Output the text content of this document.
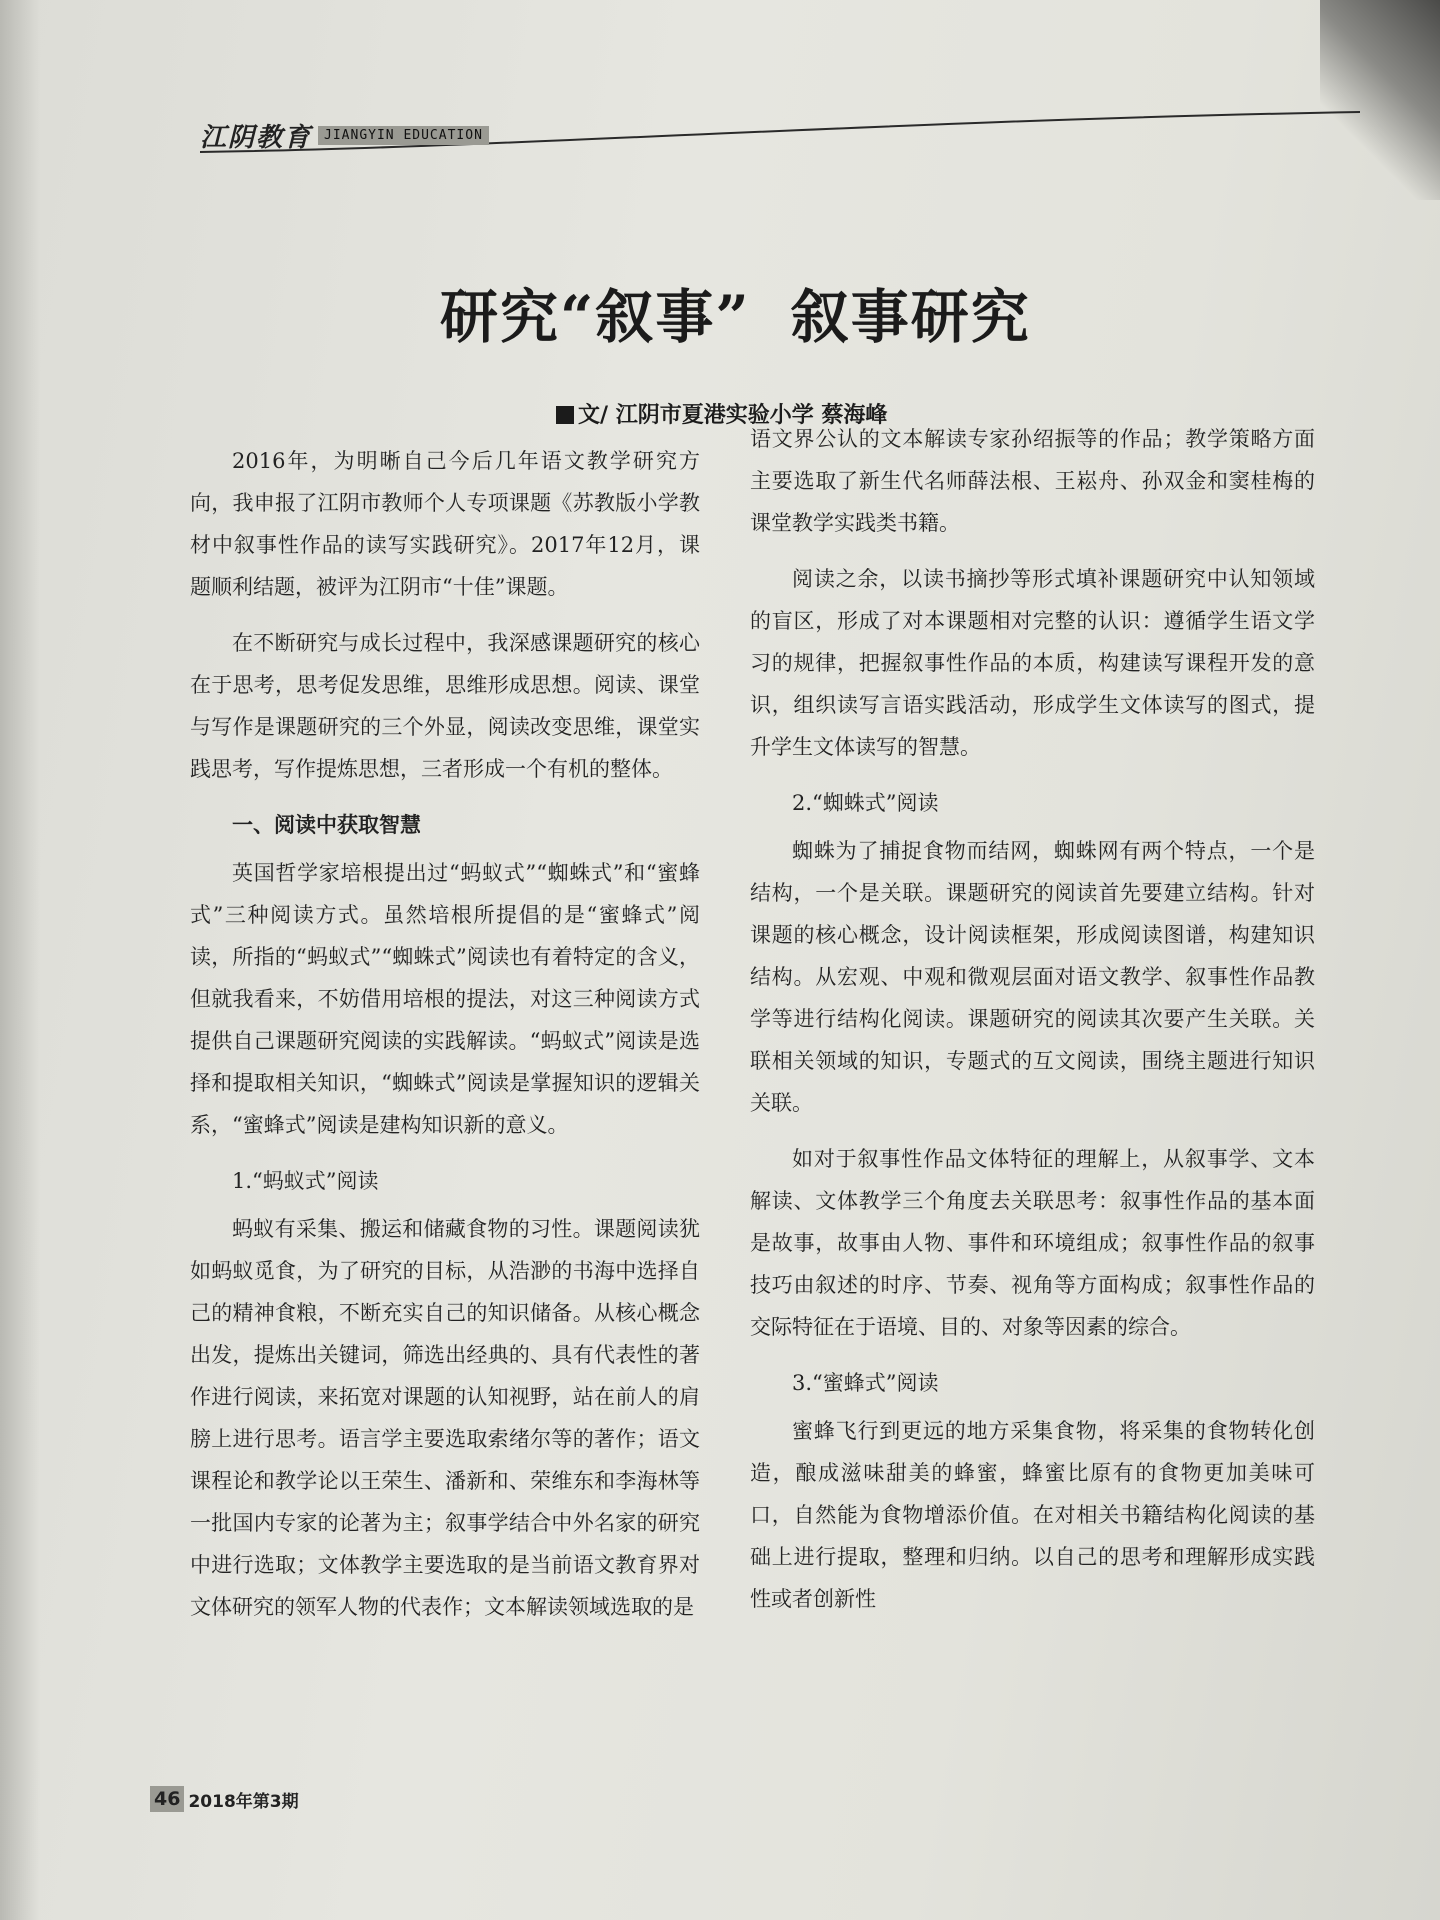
江阴教育 JIANGYIN EDUCATION
研究“叙事” 叙事研究
文/ 江阴市夏港实验小学 蔡海峰

2016年，为明晰自己今后几年语文教学研究方向，我申报了江阴市教师个人专项课题《苏教版小学教材中叙事性作品的读写实践研究》。2017年12月，课题顺利结题，被评为江阴市“十佳”课题。

在不断研究与成长过程中，我深感课题研究的核心在于思考，思考促发思维，思维形成思想。阅读、课堂与写作是课题研究的三个外显，阅读改变思维，课堂实践思考，写作提炼思想，三者形成一个有机的整体。

一、阅读中获取智慧

英国哲学家培根提出过“蚂蚁式”“蜘蛛式”和“蜜蜂式”三种阅读方式。虽然培根所提倡的是“蜜蜂式”阅读，所指的“蚂蚁式”“蜘蛛式”阅读也有着特定的含义，但就我看来，不妨借用培根的提法，对这三种阅读方式提供自己课题研究阅读的实践解读。“蚂蚁式”阅读是选择和提取相关知识，“蜘蛛式”阅读是掌握知识的逻辑关系，“蜜蜂式”阅读是建构知识新的意义。

1.“蚂蚁式”阅读

蚂蚁有采集、搬运和储藏食物的习性。课题阅读犹如蚂蚁觅食，为了研究的目标，从浩渺的书海中选择自己的精神食粮，不断充实自己的知识储备。从核心概念出发，提炼出关键词，筛选出经典的、具有代表性的著作进行阅读，来拓宽对课题的认知视野，站在前人的肩膀上进行思考。语言学主要选取索绪尔等的著作；语文课程论和教学论以王荣生、潘新和、荣维东和李海林等一批国内专家的论著为主；叙事学结合中外名家的研究中进行选取；文体教学主要选取的是当前语文教育界对文体研究的领军人物的代表作；文本解读领域选取的是

语文界公认的文本解读专家孙绍振等的作品；教学策略方面主要选取了新生代名师薛法根、王崧舟、孙双金和窦桂梅的课堂教学实践类书籍。

阅读之余，以读书摘抄等形式填补课题研究中认知领域的盲区，形成了对本课题相对完整的认识：遵循学生语文学习的规律，把握叙事性作品的本质，构建读写课程开发的意识，组织读写言语实践活动，形成学生文体读写的图式，提升学生文体读写的智慧。

2.“蜘蛛式”阅读

蜘蛛为了捕捉食物而结网，蜘蛛网有两个特点，一个是结构，一个是关联。课题研究的阅读首先要建立结构。针对课题的核心概念，设计阅读框架，形成阅读图谱，构建知识结构。从宏观、中观和微观层面对语文教学、叙事性作品教学等进行结构化阅读。课题研究的阅读其次要产生关联。关联相关领域的知识，专题式的互文阅读，围绕主题进行知识关联。

如对于叙事性作品文体特征的理解上，从叙事学、文本解读、文体教学三个角度去关联思考：叙事性作品的基本面是故事，故事由人物、事件和环境组成；叙事性作品的叙事技巧由叙述的时序、节奏、视角等方面构成；叙事性作品的交际特征在于语境、目的、对象等因素的综合。

3.“蜜蜂式”阅读

蜜蜂飞行到更远的地方采集食物，将采集的食物转化创造，酿成滋味甜美的蜂蜜，蜂蜜比原有的食物更加美味可口，自然能为食物增添价值。在对相关书籍结构化阅读的基础上进行提取，整理和归纳。以自己的思考和理解形成实践性或者创新性

46 2018年第3期
